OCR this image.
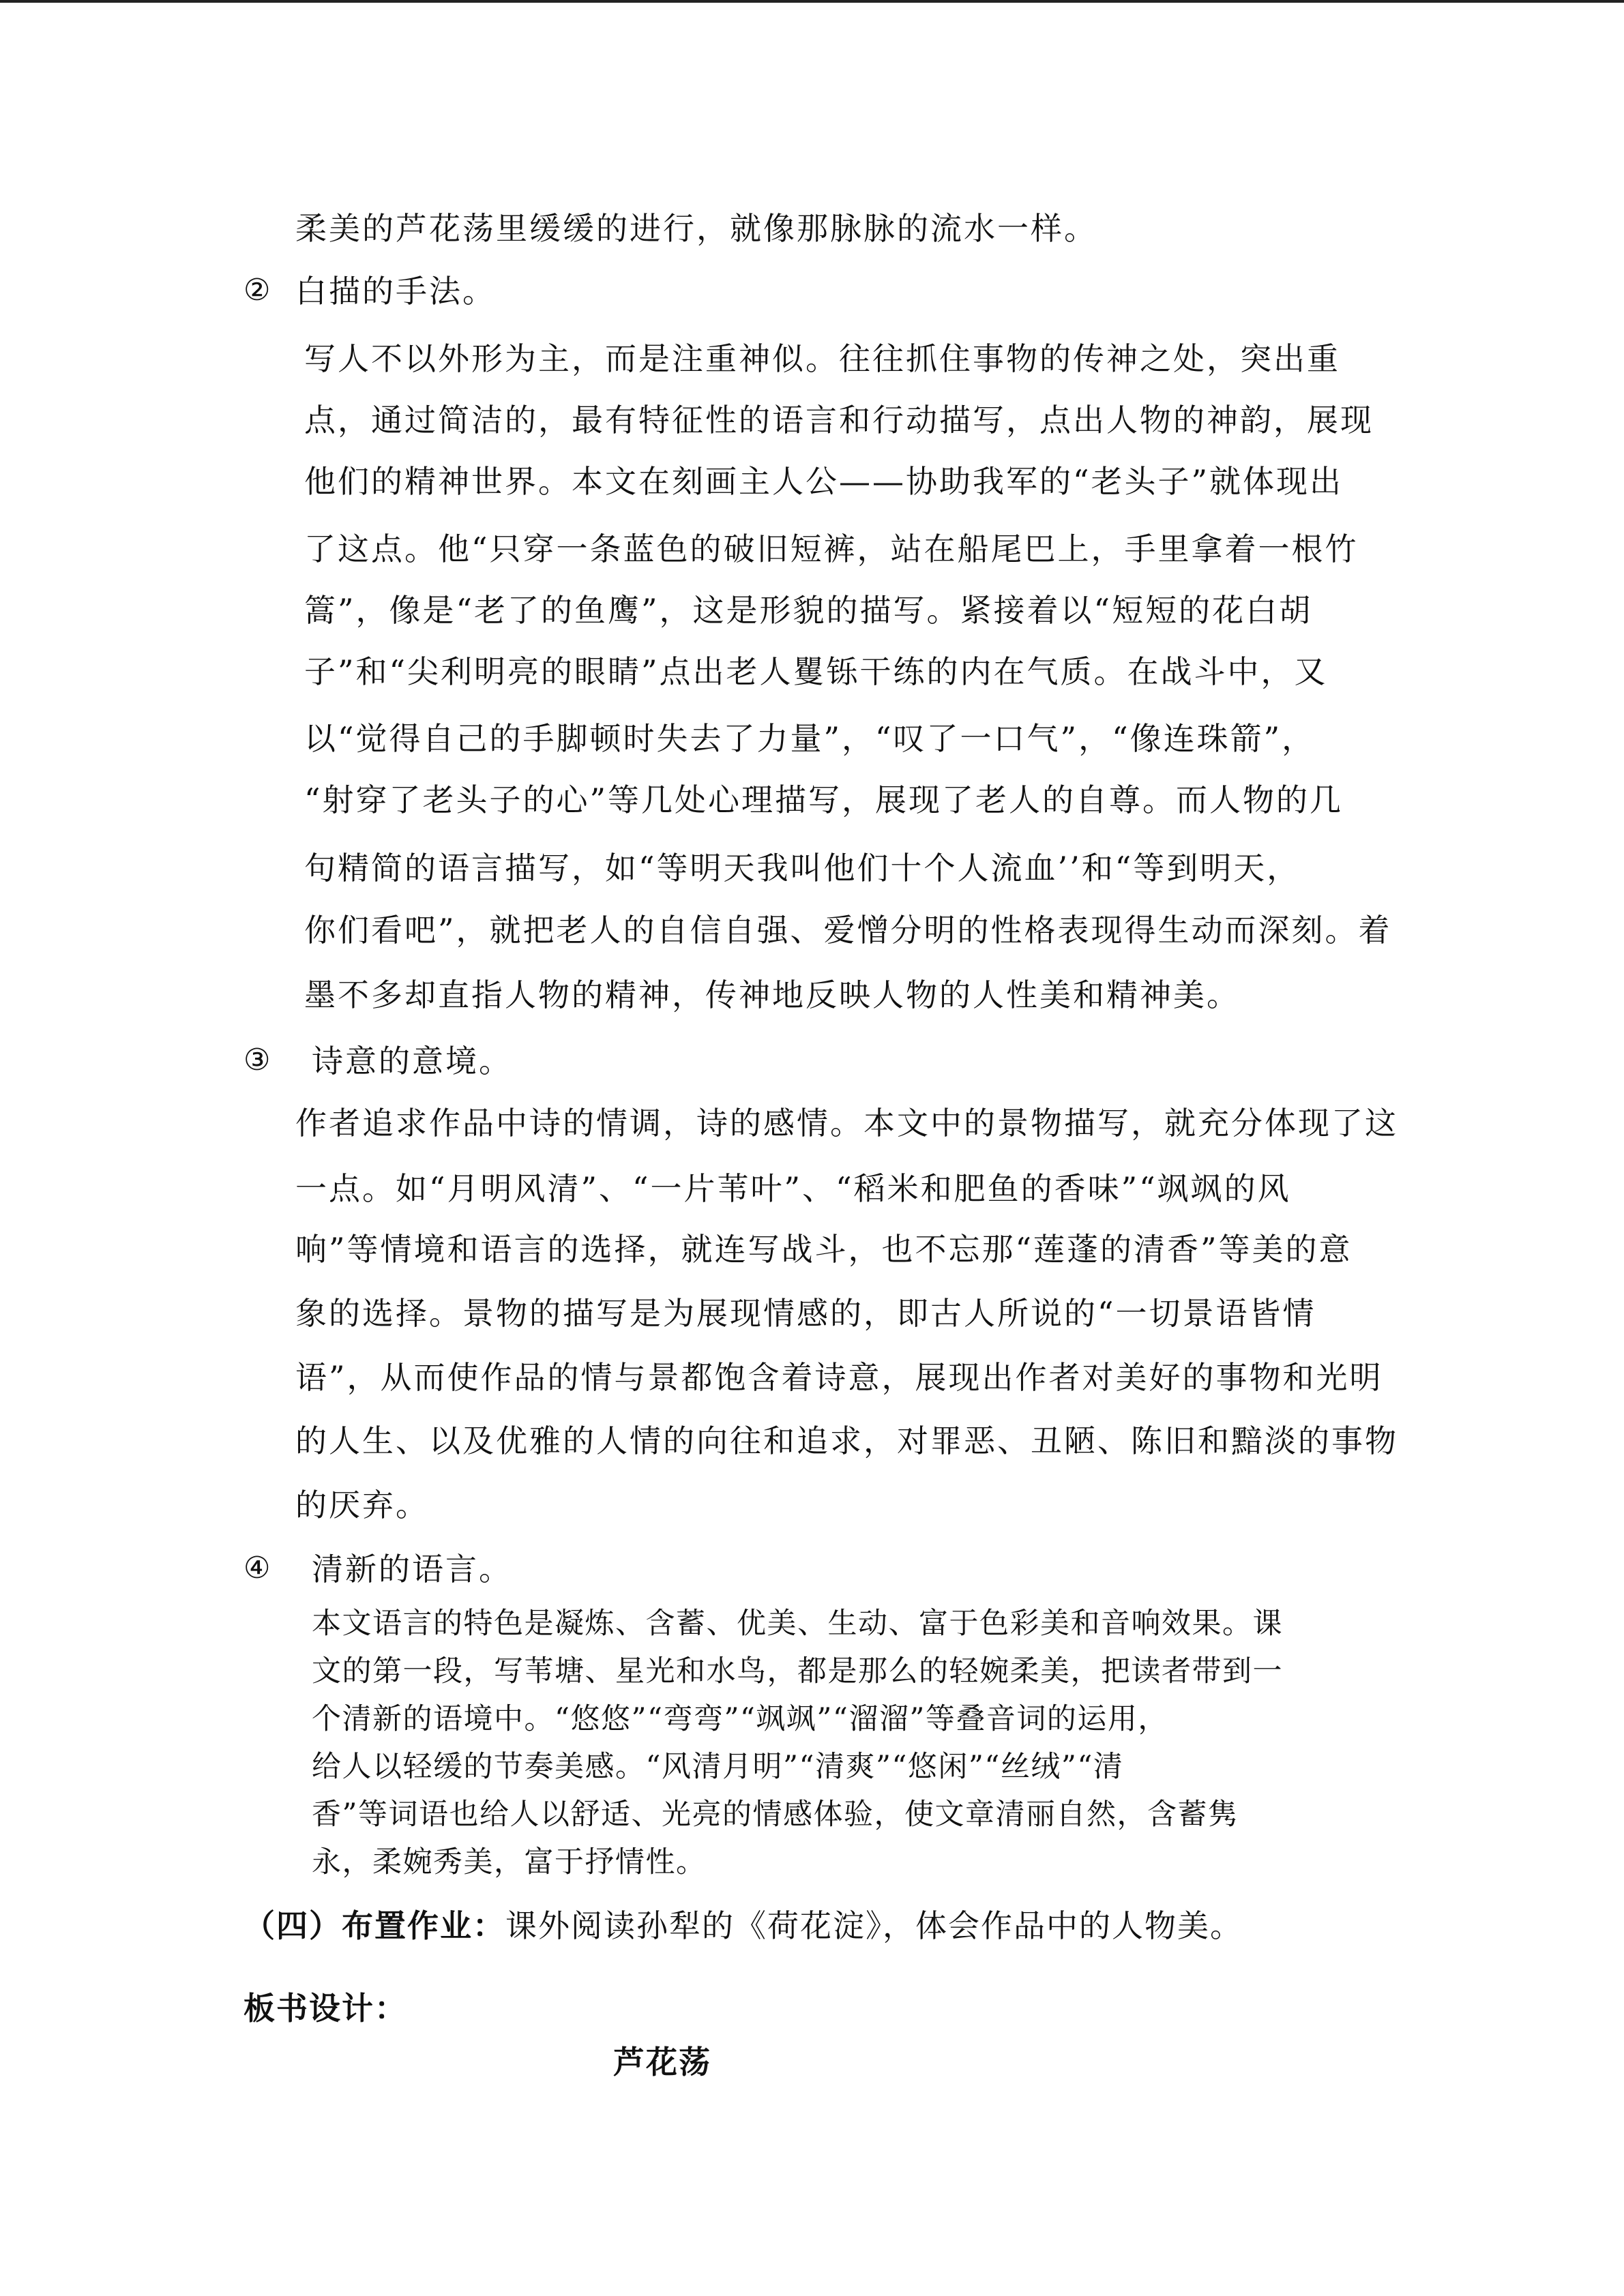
柔美的芦花荡里缓缓的进行，就像那脉脉的流水一样。
② 白描的手法。
写人不以外形为主，而是注重神似。往往抓住事物的传神之处，突出重
点，通过简洁的，最有特征性的语言和行动描写，点出人物的神韵，展现
他们的精神世界。本文在刻画主人公——协助我军的“老头子”就体现出
了这点。他“只穿一条蓝色的破旧短裤，站在船尾巴上，手里拿着一根竹
篙”，像是“老了的鱼鹰”，这是形貌的描写。紧接着以“短短的花白胡
子”和“尖利明亮的眼睛”点出老人矍铄干练的内在气质。在战斗中，又
以“觉得自己的手脚顿时失去了力量”，“叹了一口气”，“像连珠箭”，
“射穿了老头子的心”等几处心理描写，展现了老人的自尊。而人物的几
句精简的语言描写，如“等明天我叫他们十个人流血’’和“等到明天，
你们看吧”，就把老人的自信自强、爱憎分明的性格表现得生动而深刻。着
墨不多却直指人物的精神，传神地反映人物的人性美和精神美。
③ 诗意的意境。
作者追求作品中诗的情调，诗的感情。本文中的景物描写，就充分体现了这
一点。如“月明风清”、“一片苇叶”、“稻米和肥鱼的香味”“飒飒的风
响”等情境和语言的选择，就连写战斗，也不忘那“莲蓬的清香”等美的意
象的选择。景物的描写是为展现情感的，即古人所说的“一切景语皆情
语”，从而使作品的情与景都饱含着诗意，展现出作者对美好的事物和光明
的人生、以及优雅的人情的向往和追求，对罪恶、丑陋、陈旧和黯淡的事物
的厌弃。
④ 清新的语言。
本文语言的特色是凝炼、含蓄、优美、生动、富于色彩美和音响效果。课
文的第一段，写苇塘、星光和水鸟，都是那么的轻婉柔美，把读者带到一
个清新的语境中。“悠悠”“弯弯”“飒飒”“溜溜”等叠音词的运用，
给人以轻缓的节奏美感。“风清月明”“清爽”“悠闲”“丝绒”“清
香”等词语也给人以舒适、光亮的情感体验，使文章清丽自然，含蓄隽
永，柔婉秀美，富于抒情性。
（四）布置作业：课外阅读孙犁的《荷花淀》，体会作品中的人物美。
板书设计：
芦花荡
